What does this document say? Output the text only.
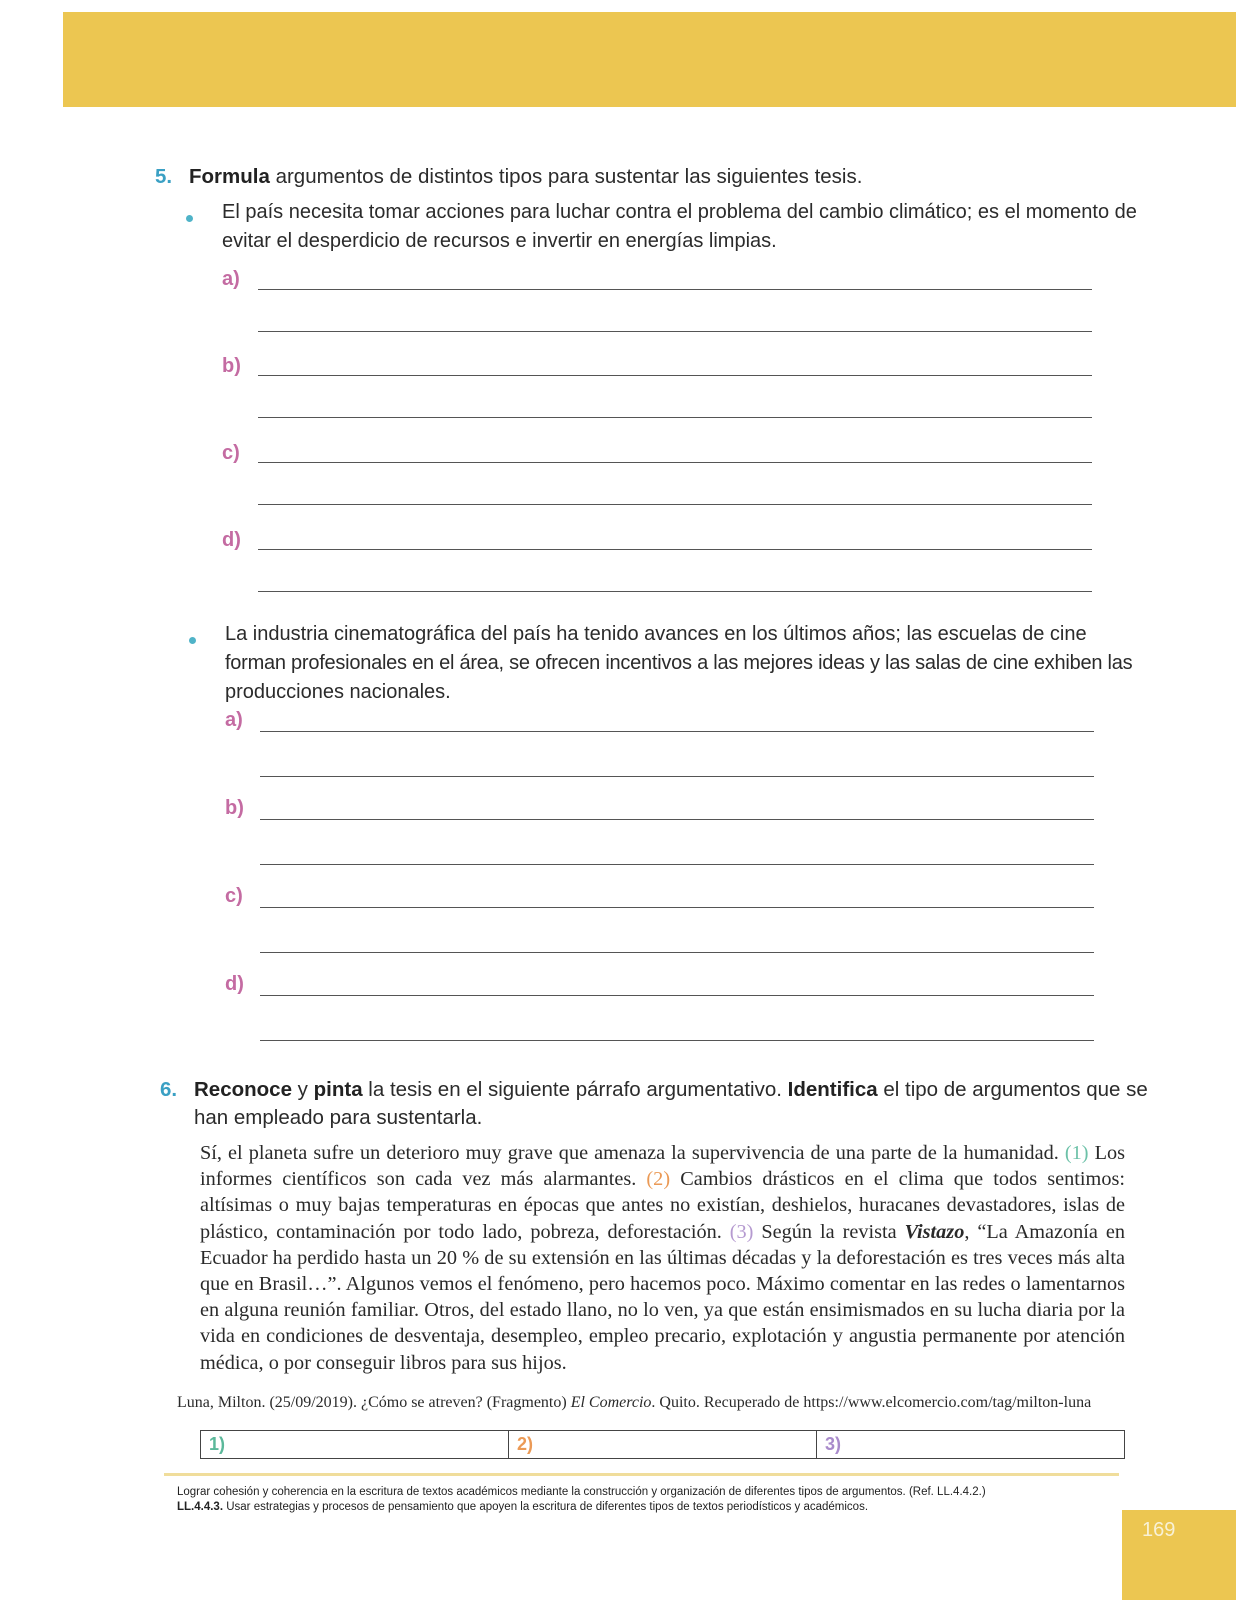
5. Formula argumentos de distintos tipos para sustentar las siguientes tesis.
El país necesita tomar acciones para luchar contra el problema del cambio climático; es el momento de
evitar el desperdicio de recursos e invertir en energías limpias.
a)
b)
c)
d)
La industria cinematográfica del país ha tenido avances en los últimos años; las escuelas de cine
forman profesionales en el área, se ofrecen incentivos a las mejores ideas y las salas de cine exhiben las
producciones nacionales.
a)
b)
c)
d)
6. Reconoce y pinta la tesis en el siguiente párrafo argumentativo. Identifica el tipo de argumentos que se
han empleado para sustentarla.
Sí, el planeta sufre un deterioro muy grave que amenaza la supervivencia de una parte de la humanidad. (1) Los informes científicos son cada vez más alarmantes. (2) Cambios drásticos en el clima que todos sentimos: altísimas o muy bajas temperaturas en épocas que antes no existían, deshielos, huracanes devastadores, islas de plástico, contaminación por todo lado, pobreza, deforestación. (3) Según la revista Vistazo, “La Amazonía en Ecuador ha perdido hasta un 20 % de su extensión en las últimas décadas y la deforestación es tres veces más alta que en Brasil…”. Algunos vemos el fenómeno, pero hacemos poco. Máximo comentar en las redes o lamentarnos en alguna reunión familiar. Otros, del estado llano, no lo ven, ya que están ensimismados en su lucha diaria por la vida en condiciones de desventaja, desempleo, empleo precario, explotación y angustia permanente por atención médica, o por conseguir libros para sus hijos.
Luna, Milton. (25/09/2019). ¿Cómo se atreven? (Fragmento) El Comercio. Quito. Recuperado de https://www.elcomercio.com/tag/milton-luna
1)	2)	3)
Lograr cohesión y coherencia en la escritura de textos académicos mediante la construcción y organización de diferentes tipos de argumentos. (Ref. LL.4.4.2.)
LL.4.4.3. Usar estrategias y procesos de pensamiento que apoyen la escritura de diferentes tipos de textos periodísticos y académicos.
169
